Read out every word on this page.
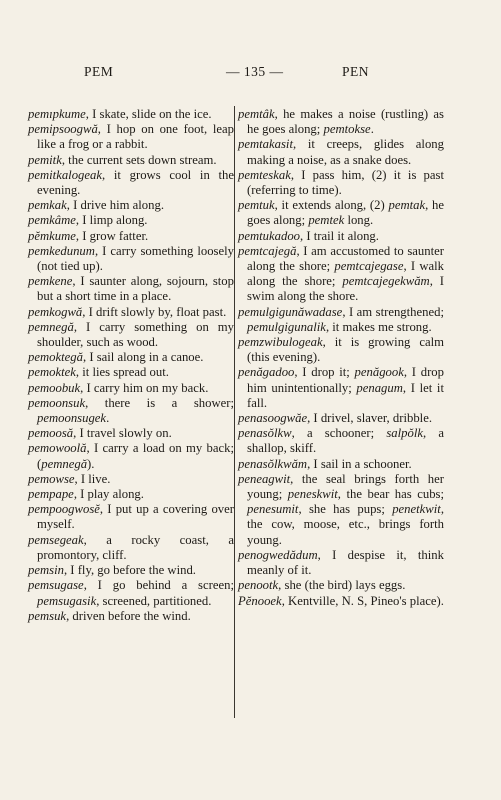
PEM	— 135 —	PEN

pemıpkume, I skate, slide on the ice.

pemipsoogwă, I hop on one foot, leap like a frog or a rabbit.

pemitk, the current sets down stream.

pemitkalogeak, it grows cool in the evening.

pemkak, I drive him along.

pemkâme, I limp along.

pĕmkume, I grow fatter.

pemkedunum, I carry something loosely (not tied up).

pemkene, I saunter along, sojourn, stop but a short time in a place.

pemkogwă, I drift slowly by, float past.

pemnegă, I carry something on my shoulder, such as wood.

pemoktegă, I sail along in a canoe.

pemoktek, it lies spread out.

pemoobuk, I carry him on my back.

pemoonsuk, there is a shower; pemoonsugek.

pemoosă, I travel slowly on.

pemowoolă, I carry a load on my back; (pemnegă).

pemowse, I live.

pempape, I play along.

pempoogwosĕ, I put up a covering over myself.

pemsegeak, a rocky coast, a promontory, cliff.

pemsin, I fly, go before the wind.

pemsugase, I go behind a screen; pemsugasik, screened, partitioned.

pemsuk, driven before the wind.

pemtâk, he makes a noise (rustling) as he goes along; pemtokse.

pemtakasit, it creeps, glides along making a noise, as a snake does.

pemteskak, I pass him, (2) it is past (referring to time).

pemtuk, it extends along, (2) pemtak, he goes along; pemtek long.

pemtukadoo, I trail it along.

pemtcajegă, I am accustomed to saunter along the shore; pemtcajegase, I walk along the shore; pemtcajegekwăm, I swim along the shore.

pemulgigunăwadase, I am strengthened; pemulgigunalik, it makes me strong.

pemzwibulogeak, it is growing calm (this evening).

penăgadoo, I drop it; penăgook, I drop him unintentionally; penagum, I let it fall.

penasoogwăe, I drivel, slaver, dribble.

penasŏlkw, a schooner; salpŏlk, a shallop, skiff.

penasŏlkwăm, I sail in a schooner.

peneagwit, the seal brings forth her young; peneskwit, the bear has cubs; penesumit, she has pups; penetkwit, the cow, moose, etc., brings forth young.

penogwedădum, I despise it, think meanly of it.

penootk, she (the bird) lays eggs.

Pĕnooek, Kentville, N. S, Pineo's place).
